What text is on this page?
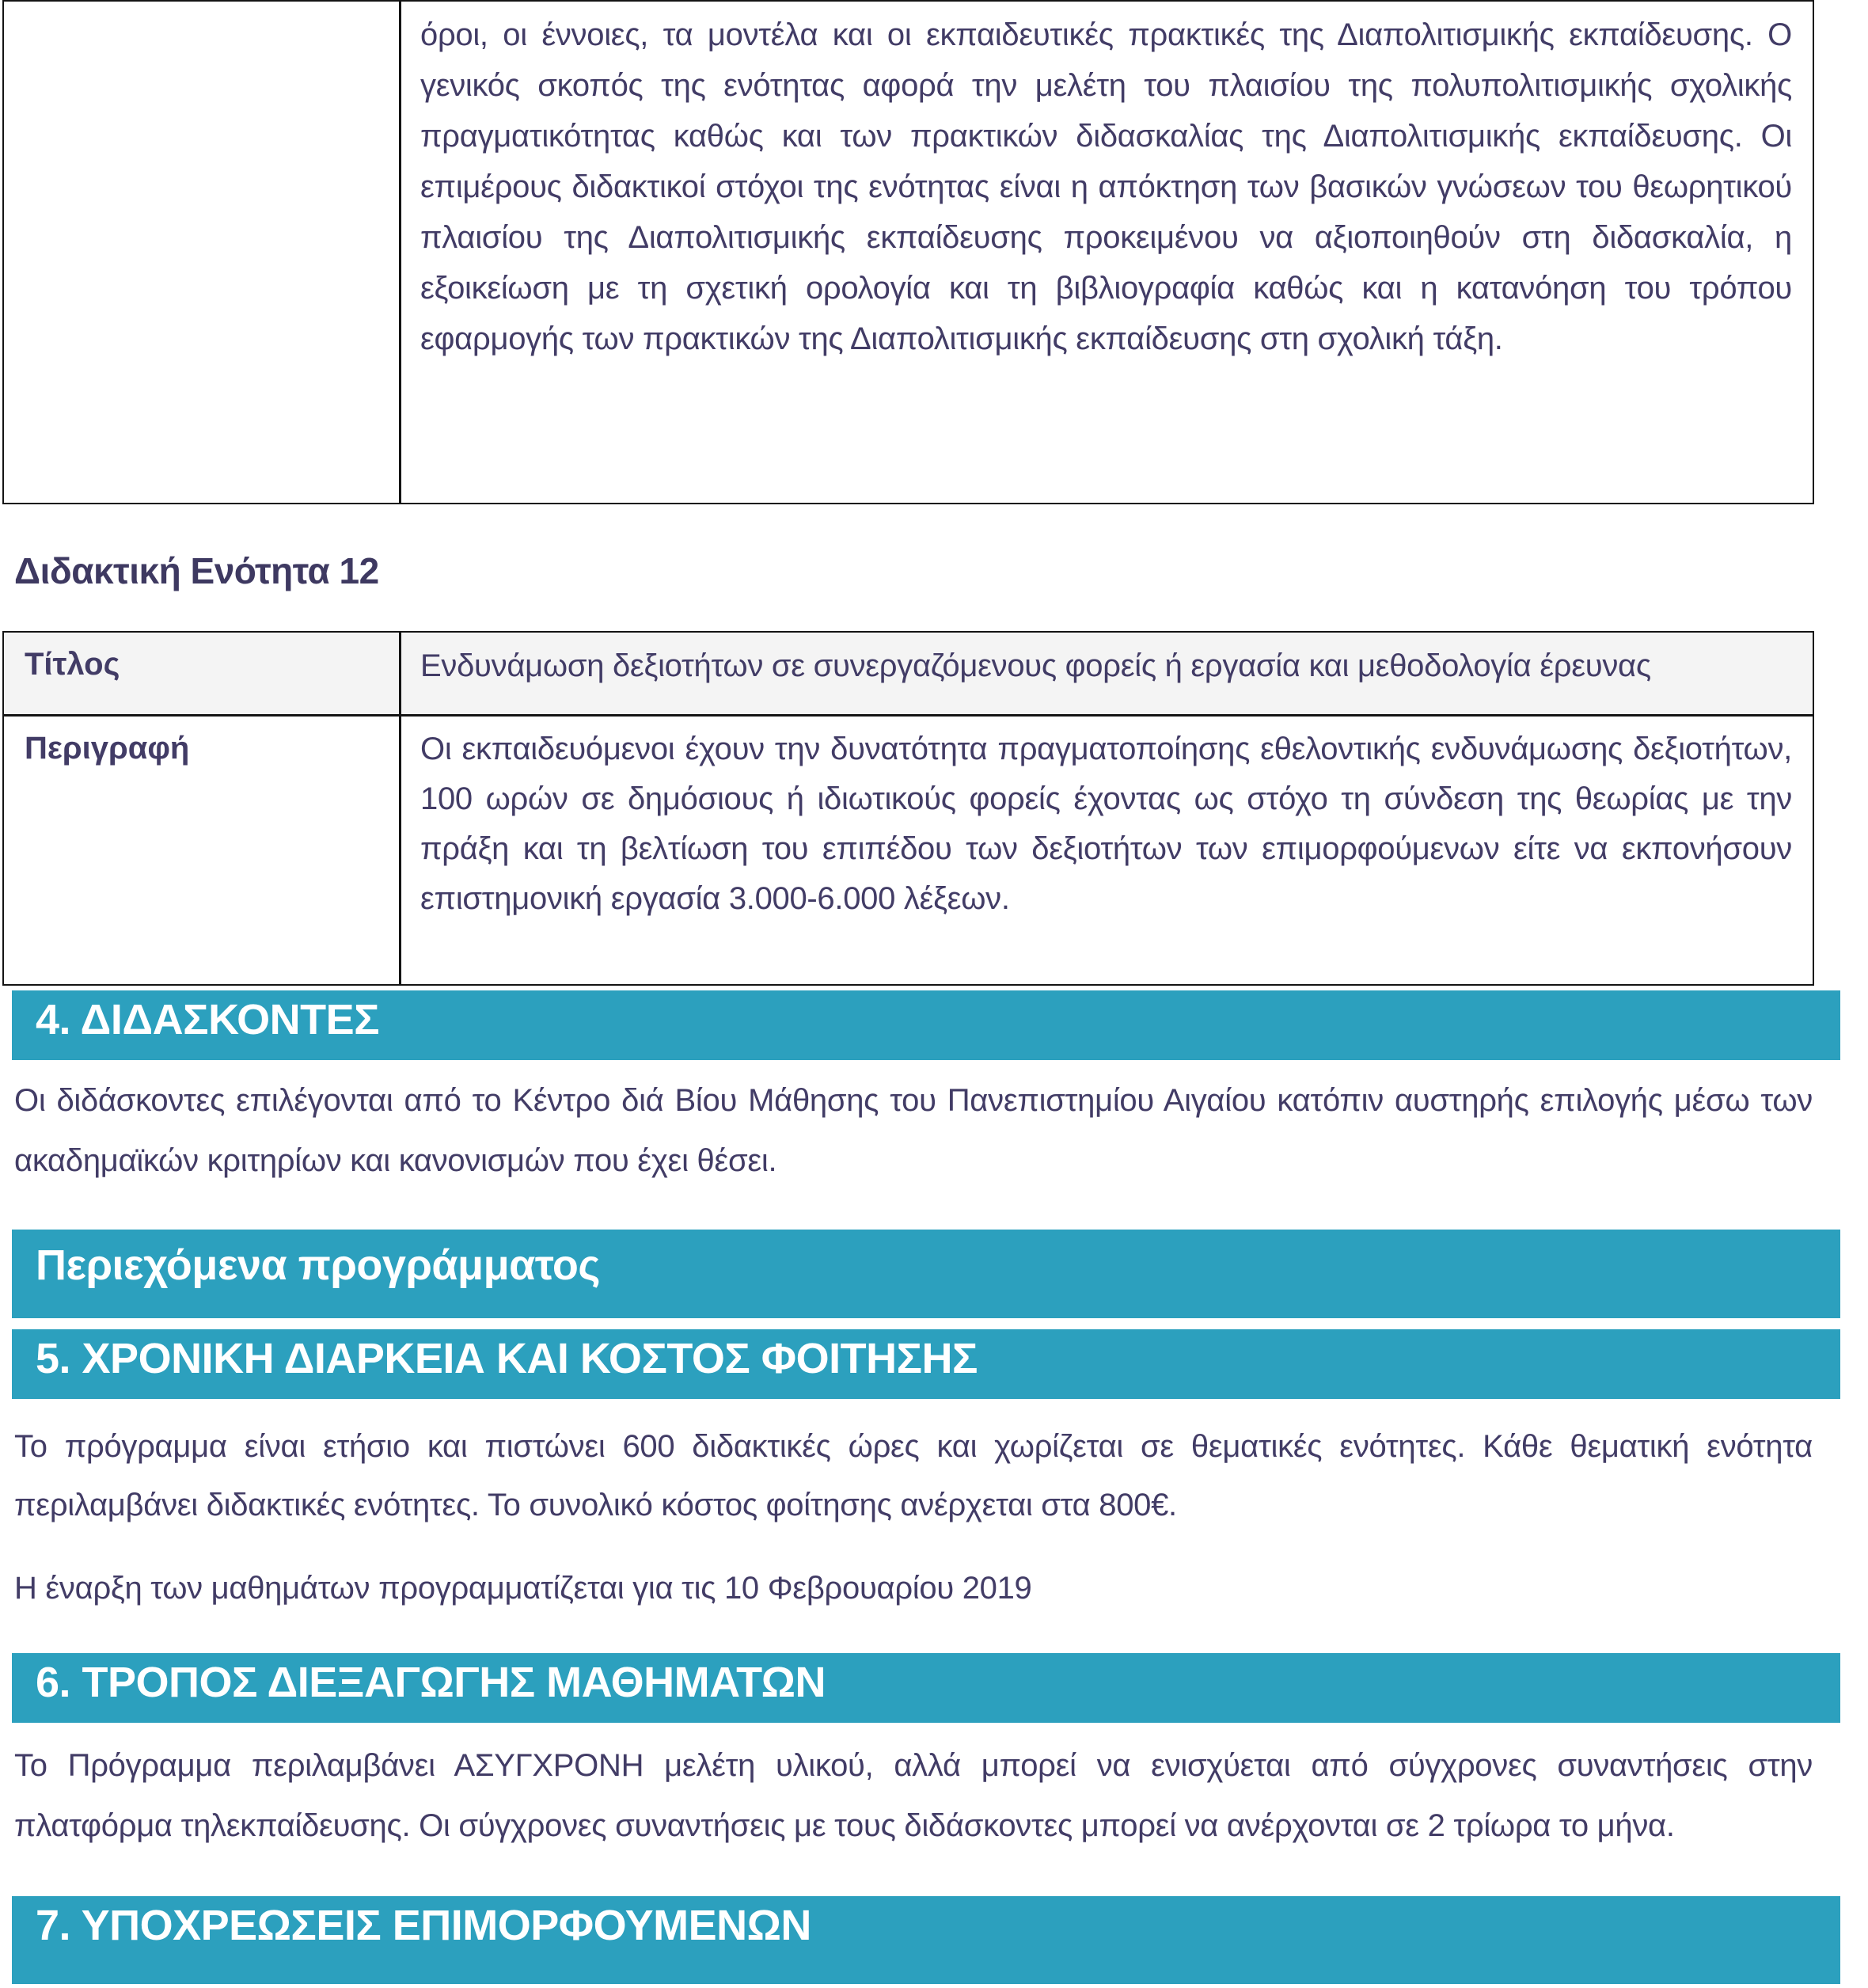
όροι, οι έννοιες, τα μοντέλα και οι εκπαιδευτικές πρακτικές της Διαπολιτισμικής εκπαίδευσης. Ο γενικός σκοπός της ενότητας αφορά την μελέτη του πλαισίου της πολυπολιτισμικής σχολικής πραγματικότητας καθώς και των πρακτικών διδασκαλίας της Διαπολιτισμικής εκπαίδευσης. Οι επιμέρους διδακτικοί στόχοι της ενότητας είναι η απόκτηση των βασικών γνώσεων του θεωρητικού πλαισίου της Διαπολιτισμικής εκπαίδευσης προκειμένου να αξιοποιηθούν στη διδασκαλία, η εξοικείωση με τη σχετική ορολογία και τη βιβλιογραφία καθώς και η κατανόηση του τρόπου εφαρμογής των πρακτικών της Διαπολιτισμικής εκπαίδευσης στη σχολική τάξη.
Διδακτική Ενότητα 12
Τίτλος	Ενδυνάμωση δεξιοτήτων σε συνεργαζόμενους φορείς ή εργασία και μεθοδολογία έρευνας
Περιγραφή	Οι εκπαιδευόμενοι έχουν την δυνατότητα πραγματοποίησης εθελοντικής ενδυνάμωσης δεξιοτήτων, 100 ωρών σε δημόσιους ή ιδιωτικούς φορείς έχοντας ως στόχο τη σύνδεση της θεωρίας με την πράξη και τη βελτίωση του επιπέδου των δεξιοτήτων των επιμορφούμενων είτε να εκπονήσουν επιστημονική εργασία 3.000-6.000 λέξεων.
4. ΔΙΔΑΣΚΟΝΤΕΣ
Οι διδάσκοντες επιλέγονται από το Κέντρο διά Βίου Μάθησης του Πανεπιστημίου Αιγαίου κατόπιν αυστηρής επιλογής μέσω των ακαδημαϊκών κριτηρίων και κανονισμών που έχει θέσει.
Περιεχόμενα προγράμματος
5. ΧΡΟΝΙΚΗ ΔΙΑΡΚΕΙΑ ΚΑΙ ΚΟΣΤΟΣ ΦΟΙΤΗΣΗΣ
Το πρόγραμμα είναι ετήσιο και πιστώνει 600 διδακτικές ώρες και χωρίζεται σε θεματικές ενότητες. Κάθε θεματική ενότητα περιλαμβάνει διδακτικές ενότητες. Το συνολικό κόστος φοίτησης ανέρχεται στα 800€.
Η έναρξη των μαθημάτων προγραμματίζεται για τις 10 Φεβρουαρίου 2019
6. ΤΡΟΠΟΣ ΔΙΕΞΑΓΩΓΗΣ ΜΑΘΗΜΑΤΩΝ
Το Πρόγραμμα περιλαμβάνει ΑΣΥΓΧΡΟΝΗ μελέτη υλικού, αλλά μπορεί να ενισχύεται από σύγχρονες συναντήσεις στην πλατφόρμα τηλεκπαίδευσης. Οι σύγχρονες συναντήσεις με τους διδάσκοντες μπορεί να ανέρχονται σε 2 τρίωρα το μήνα.
7. ΥΠΟΧΡΕΩΣΕΙΣ ΕΠΙΜΟΡΦΟΥΜΕΝΩΝ
